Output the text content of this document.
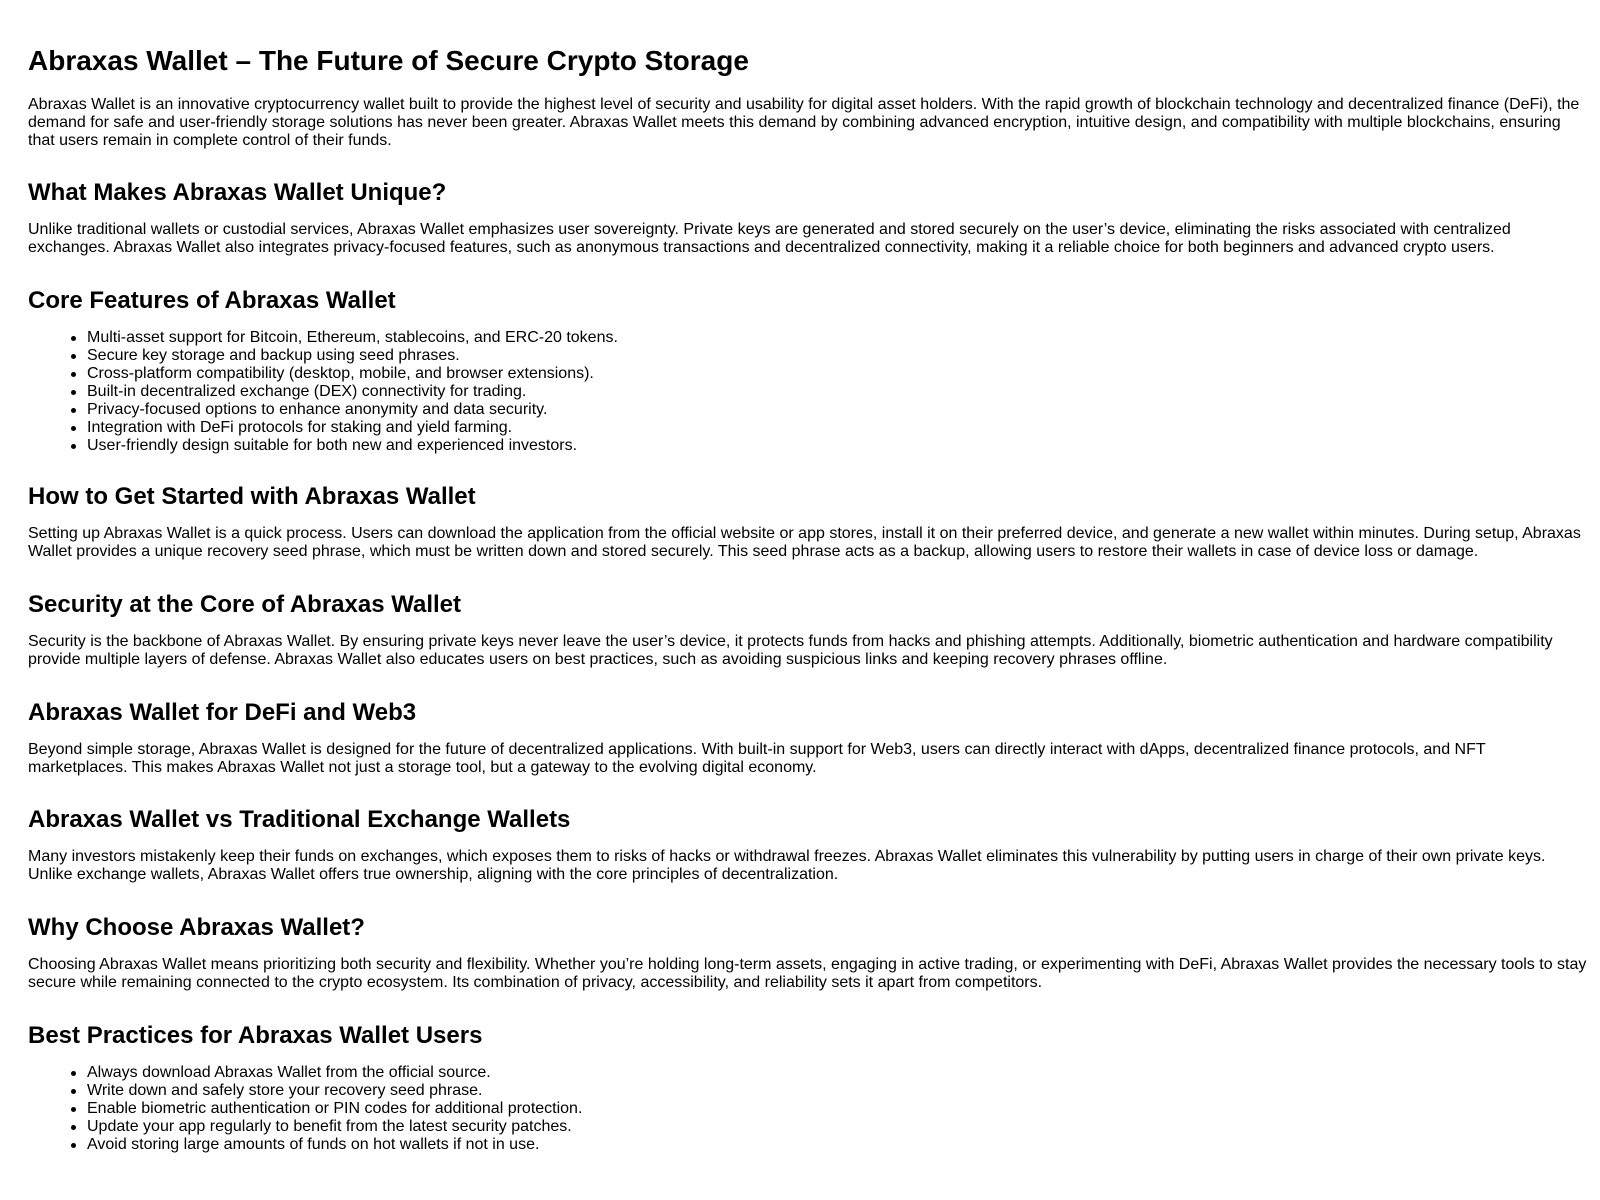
Abraxas Wallet – The Future of Secure Crypto Storage

Abraxas Wallet is an innovative cryptocurrency wallet built to provide the highest level of security and usability for digital asset holders. With the rapid growth of blockchain technology and decentralized finance (DeFi), the demand for safe and user-friendly storage solutions has never been greater. Abraxas Wallet meets this demand by combining advanced encryption, intuitive design, and compatibility with multiple blockchains, ensuring that users remain in complete control of their funds.

What Makes Abraxas Wallet Unique?

Unlike traditional wallets or custodial services, Abraxas Wallet emphasizes user sovereignty. Private keys are generated and stored securely on the user’s device, eliminating the risks associated with centralized exchanges. Abraxas Wallet also integrates privacy-focused features, such as anonymous transactions and decentralized connectivity, making it a reliable choice for both beginners and advanced crypto users.

Core Features of Abraxas Wallet
Multi-asset support for Bitcoin, Ethereum, stablecoins, and ERC-20 tokens.
Secure key storage and backup using seed phrases.
Cross-platform compatibility (desktop, mobile, and browser extensions).
Built-in decentralized exchange (DEX) connectivity for trading.
Privacy-focused options to enhance anonymity and data security.
Integration with DeFi protocols for staking and yield farming.
User-friendly design suitable for both new and experienced investors.
How to Get Started with Abraxas Wallet

Setting up Abraxas Wallet is a quick process. Users can download the application from the official website or app stores, install it on their preferred device, and generate a new wallet within minutes. During setup, Abraxas Wallet provides a unique recovery seed phrase, which must be written down and stored securely. This seed phrase acts as a backup, allowing users to restore their wallets in case of device loss or damage.

Security at the Core of Abraxas Wallet

Security is the backbone of Abraxas Wallet. By ensuring private keys never leave the user’s device, it protects funds from hacks and phishing attempts. Additionally, biometric authentication and hardware compatibility provide multiple layers of defense. Abraxas Wallet also educates users on best practices, such as avoiding suspicious links and keeping recovery phrases offline.

Abraxas Wallet for DeFi and Web3

Beyond simple storage, Abraxas Wallet is designed for the future of decentralized applications. With built-in support for Web3, users can directly interact with dApps, decentralized finance protocols, and NFT marketplaces. This makes Abraxas Wallet not just a storage tool, but a gateway to the evolving digital economy.

Abraxas Wallet vs Traditional Exchange Wallets

Many investors mistakenly keep their funds on exchanges, which exposes them to risks of hacks or withdrawal freezes. Abraxas Wallet eliminates this vulnerability by putting users in charge of their own private keys. Unlike exchange wallets, Abraxas Wallet offers true ownership, aligning with the core principles of decentralization.

Why Choose Abraxas Wallet?

Choosing Abraxas Wallet means prioritizing both security and flexibility. Whether you’re holding long-term assets, engaging in active trading, or experimenting with DeFi, Abraxas Wallet provides the necessary tools to stay secure while remaining connected to the crypto ecosystem. Its combination of privacy, accessibility, and reliability sets it apart from competitors.

Best Practices for Abraxas Wallet Users
Always download Abraxas Wallet from the official source.
Write down and safely store your recovery seed phrase.
Enable biometric authentication or PIN codes for additional protection.
Update your app regularly to benefit from the latest security patches.
Avoid storing large amounts of funds on hot wallets if not in use.
